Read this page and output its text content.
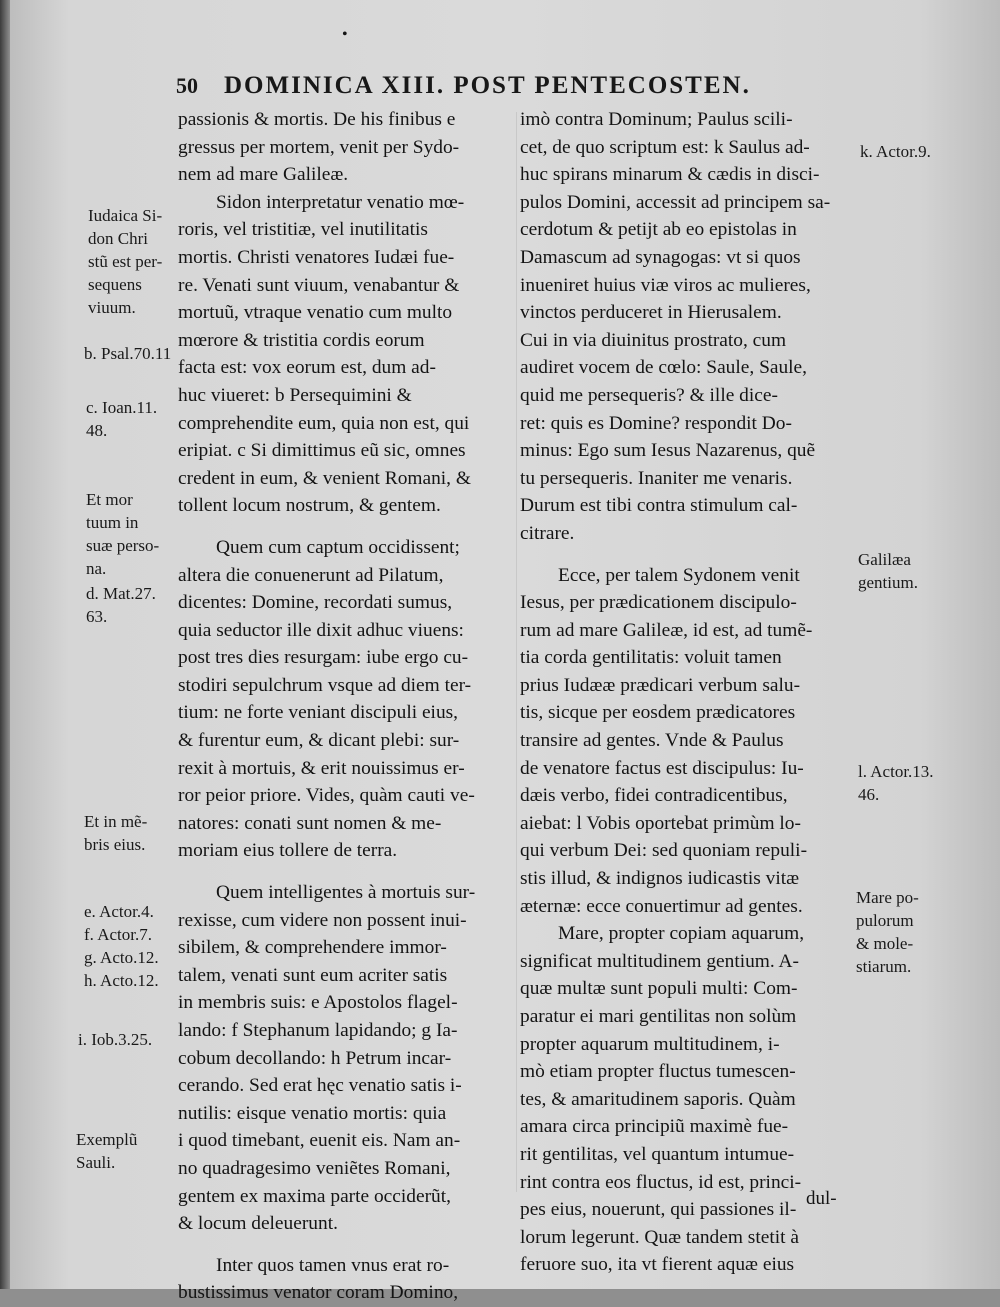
•
50 DOMINICA XIII. POST PENTECOSTEN.
passionis & mortis. De his finibus e
gressus per mortem, venit per Sydo-
nem ad mare Galileæ.
Sidon interpretatur venatio mœ-
roris, vel tristitiæ, vel inutilitatis
mortis. Christi venatores Iudæi fue-
re. Venati sunt viuum, venabantur &
mortuũ, vtraque venatio cum multo
mœrore & tristitia cordis eorum
facta est: vox eorum est, dum ad-
huc viueret: b Persequimini &
comprehendite eum, quia non est, qui
eripiat. c Si dimittimus eũ sic, omnes
credent in eum, & venient Romani, &
tollent locum nostrum, & gentem.
Quem cum captum occidissent;
altera die conuenerunt ad Pilatum,
dicentes: Domine, recordati sumus,
quia seductor ille dixit adhuc viuens:
post tres dies resurgam: iube ergo cu-
stodiri sepulchrum vsque ad diem ter-
tium: ne forte veniant discipuli eius,
& furentur eum, & dicant plebi: sur-
rexit à mortuis, & erit nouissimus er-
ror peior priore. Vides, quàm cauti ve-
natores: conati sunt nomen & me-
moriam eius tollere de terra.
Quem intelligentes à mortuis sur-
rexisse, cum videre non possent inui-
sibilem, & comprehendere immor-
talem, venati sunt eum acriter satis
in membris suis: e Apostolos flagel-
lando: f Stephanum lapidando; g Ia-
cobum decollando: h Petrum incar-
cerando. Sed erat hęc venatio satis i-
nutilis: eisque venatio mortis: quia
i quod timebant, euenit eis. Nam an-
no quadragesimo veniẽtes Romani,
gentem ex maxima parte occiderũt,
& locum deleuerunt.
Inter quos tamen vnus erat ro-
bustissimus venator coram Domino,
imò contra Dominum; Paulus scili-
cet, de quo scriptum est: k Saulus ad-
huc spirans minarum & cædis in disci-
pulos Domini, accessit ad principem sa-
cerdotum & petijt ab eo epistolas in
Damascum ad synagogas: vt si quos
inueniret huius viæ viros ac mulieres,
vinctos perduceret in Hierusalem.
Cui in via diuinitus prostrato, cum
audiret vocem de cœlo: Saule, Saule,
quid me persequeris? & ille dice-
ret: quis es Domine? respondit Do-
minus: Ego sum Iesus Nazarenus, quẽ
tu persequeris. Inaniter me venaris.
Durum est tibi contra stimulum cal-
citrare.
Ecce, per talem Sydonem venit
Iesus, per prædicationem discipulo-
rum ad mare Galileæ, id est, ad tumẽ-
tia corda gentilitatis: voluit tamen
prius Iudææ prædicari verbum salu-
tis, sicque per eosdem prædicatores
transire ad gentes. Vnde & Paulus
de venatore factus est discipulus: Iu-
dæis verbo, fidei contradicentibus,
aiebat: l Vobis oportebat primùm lo-
qui verbum Dei: sed quoniam repuli-
stis illud, & indignos iudicastis vitæ
æternæ: ecce conuertimur ad gentes.
Mare, propter copiam aquarum,
significat multitudinem gentium. A-
quæ multæ sunt populi multi: Com-
paratur ei mari gentilitas non solùm
propter aquarum multitudinem, i-
mò etiam propter fluctus tumescen-
tes, & amaritudinem saporis. Quàm
amara circa principiũ maximè fue-
rit gentilitas, vel quantum intumue-
rint contra eos fluctus, id est, princi-
pes eius, nouerunt, qui passiones il-
lorum legerunt. Quæ tandem stetit à
feruore suo, ita vt fierent aquæ eius
Iudaica Si-
don Chri
stũ est per-
sequens
viuum.
b. Psal.70.11
c. Ioan.11.
48.
Et mor
tuum in
suæ perso-
na.
d. Mat.27.
63.
Et in mẽ-
bris eius.
e. Actor.4.
f. Actor.7.
g. Acto.12.
h. Acto.12.
i. Iob.3.25.
Exemplũ
Sauli.
k. Actor.9.
Galilæa
gentium.
l. Actor.13.
46.
Mare po-
pulorum
& mole-
stiarum.
dul-
